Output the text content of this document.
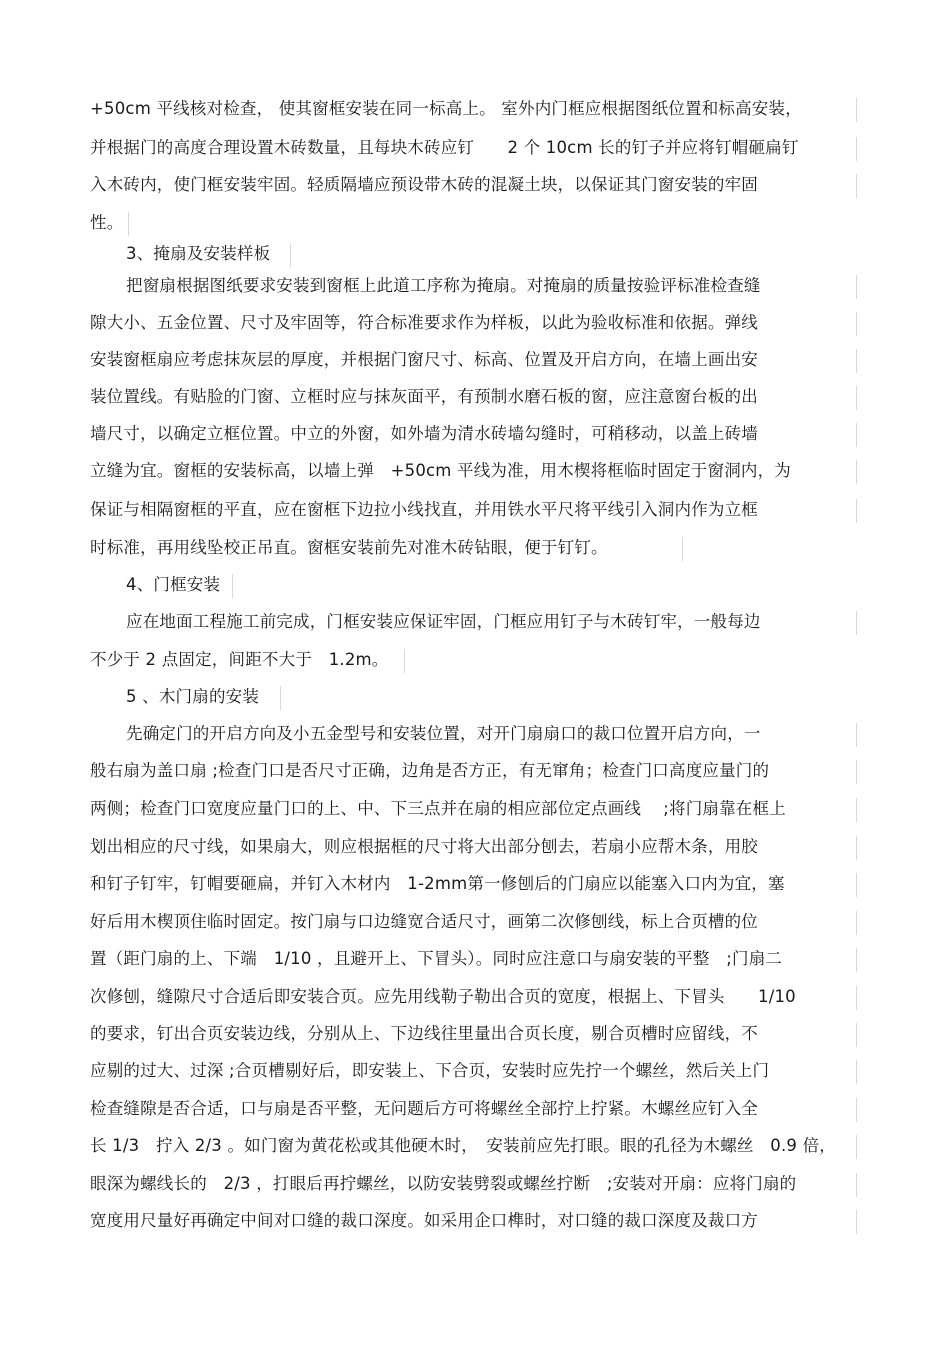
+50cm 平线核对检查， 使其窗框安装在同一标高上。 室外内门框应根据图纸位置和标高安装，
并根据门的高度合理设置木砖数量，且每块木砖应钉　　2 个 10cm 长的钉子并应将钉帽砸扁钉
入木砖内，使门框安装牢固。轻质隔墙应预设带木砖的混凝土块，以保证其门窗安装的牢固
性。
3、掩扇及安装样板
把窗扇根据图纸要求安装到窗框上此道工序称为掩扇。对掩扇的质量按验评标准检查缝
隙大小、五金位置、尺寸及牢固等，符合标准要求作为样板，以此为验收标准和依据。弹线
安装窗框扇应考虑抹灰层的厚度，并根据门窗尺寸、标高、位置及开启方向，在墙上画出安
装位置线。有贴脸的门窗、立框时应与抹灰面平，有预制水磨石板的窗，应注意窗台板的出
墙尺寸，以确定立框位置。中立的外窗，如外墙为清水砖墙勾缝时，可稍移动，以盖上砖墙
立缝为宜。窗框的安装标高，以墙上弹　+50cm 平线为准，用木楔将框临时固定于窗洞内，为
保证与相隔窗框的平直，应在窗框下边拉小线找直，并用铁水平尺将平线引入洞内作为立框
时标准，再用线坠校正吊直。窗框安装前先对准木砖钻眼，便于钉钉。
4、门框安装
应在地面工程施工前完成，门框安装应保证牢固，门框应用钉子与木砖钉牢，一般每边
不少于 2 点固定，间距不大于　1.2m。
5 、木门扇的安装
先确定门的开启方向及小五金型号和安装位置，对开门扇扇口的裁口位置开启方向，一
般右扇为盖口扇 ;检查门口是否尺寸正确，边角是否方正，有无窜角；检查门口高度应量门的
两侧；检查门口宽度应量门口的上、中、下三点并在扇的相应部位定点画线　 ;将门扇靠在框上
划出相应的尺寸线，如果扇大，则应根据框的尺寸将大出部分刨去，若扇小应帮木条，用胶
和钉子钉牢，钉帽要砸扁，并钉入木材内　1-2mm第一修刨后的门扇应以能塞入口内为宜，塞
好后用木楔顶住临时固定。按门扇与口边缝宽合适尺寸，画第二次修刨线，标上合页槽的位
置（距门扇的上、下端　1/10 ，且避开上、下冒头）。同时应注意口与扇安装的平整　;门扇二
次修刨，缝隙尺寸合适后即安装合页。应先用线勒子勒出合页的宽度，根据上、下冒头　　1/10
的要求，钉出合页安装边线，分别从上、下边线往里量出合页长度，剔合页槽时应留线，不
应剔的过大、过深 ;合页槽剔好后，即安装上、下合页，安装时应先拧一个螺丝，然后关上门
检查缝隙是否合适，口与扇是否平整，无问题后方可将螺丝全部拧上拧紧。木螺丝应钉入全
长 1/3　拧入 2/3 。如门窗为黄花松或其他硬木时，　安装前应先打眼。眼的孔径为木螺丝　0.9 倍，
眼深为螺线长的　2/3 ，打眼后再拧螺丝，以防安装劈裂或螺丝拧断　;安装对开扇：应将门扇的
宽度用尺量好再确定中间对口缝的裁口深度。如采用企口榫时，对口缝的裁口深度及裁口方
